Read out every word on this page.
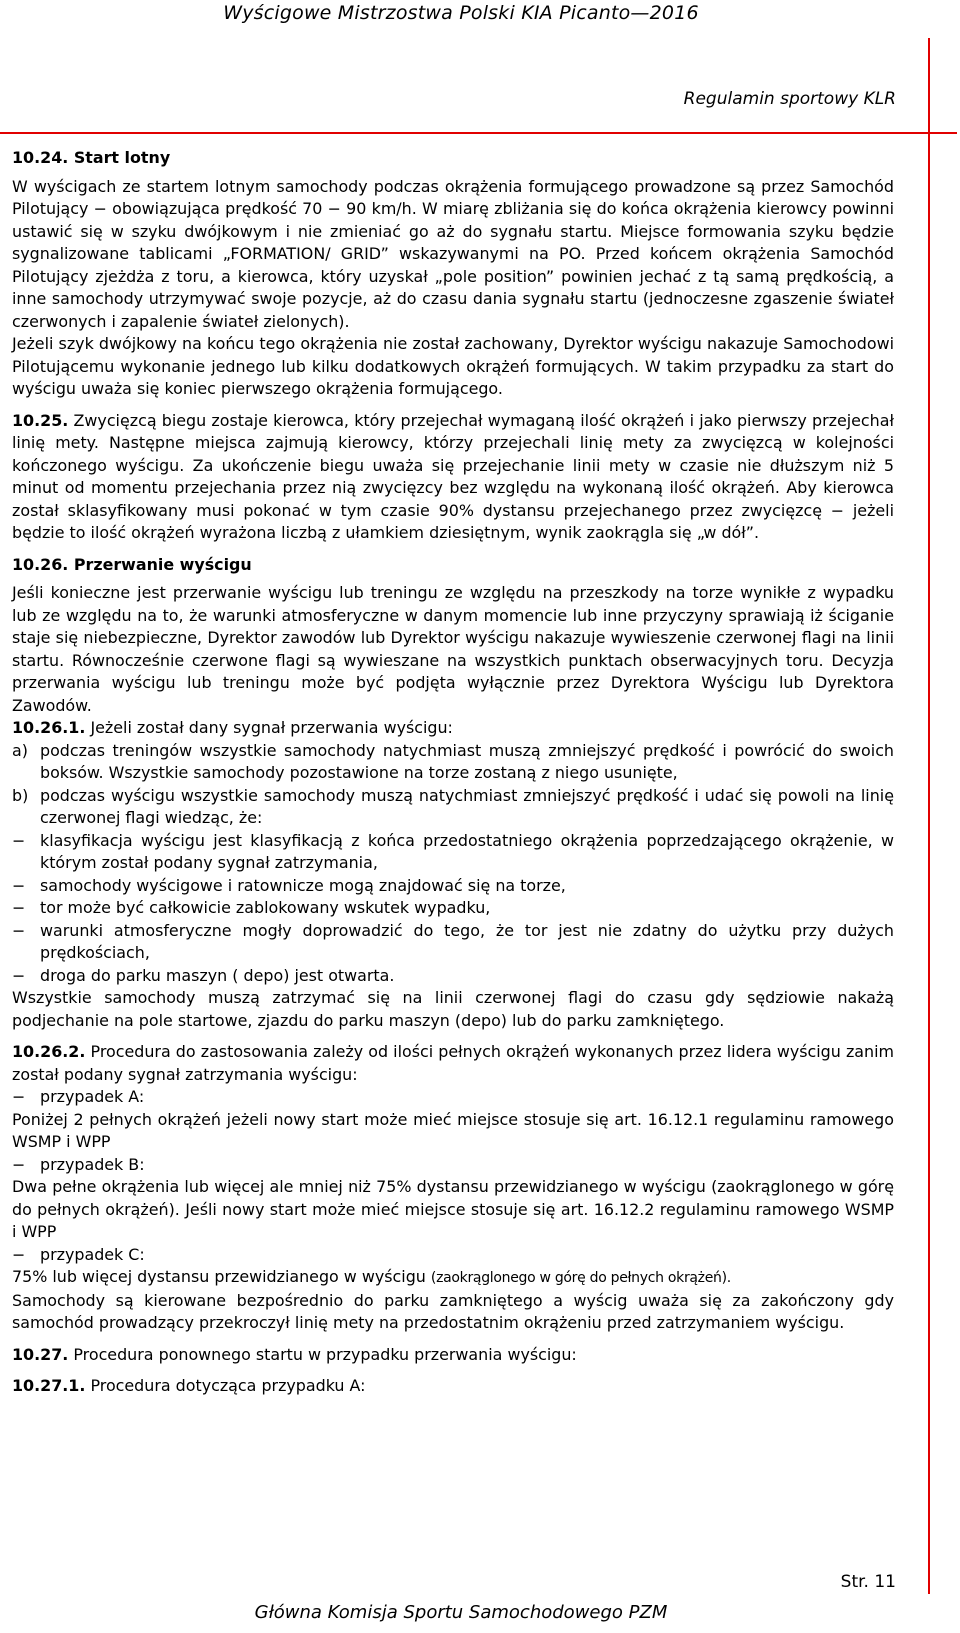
Wyścigowe Mistrzostwa Polski KIA Picanto—2016
Regulamin sportowy KLR

10.24. Start lotny

W wyścigach ze startem lotnym samochody podczas okrążenia formującego prowadzone są przez Samochód Pilotujący − obowiązująca prędkość 70 − 90 km/h. W miarę zbliżania się do końca okrążenia kierowcy powinni ustawić się w szyku dwójkowym i nie zmieniać go aż do sygnału startu. Miejsce formowania szyku będzie sygnalizowane tablicami „FORMATION/ GRID” wskazywanymi na PO. Przed końcem okrążenia Samochód Pilotujący zjeżdża z toru, a kierowca, który uzyskał „pole position” powinien jechać z tą samą prędkością, a inne samochody utrzymywać swoje pozycje, aż do czasu dania sygnału startu (jednoczesne zgaszenie świateł czerwonych i zapalenie świateł zielonych).

Jeżeli szyk dwójkowy na końcu tego okrążenia nie został zachowany, Dyrektor wyścigu nakazuje Samochodowi Pilotującemu wykonanie jednego lub kilku dodatkowych okrążeń formujących. W takim przypadku za start do wyścigu uważa się koniec pierwszego okrążenia formującego.

10.25. Zwycięzcą biegu zostaje kierowca, który przejechał wymaganą ilość okrążeń i jako pierwszy przejechał linię mety. Następne miejsca zajmują kierowcy, którzy przejechali linię mety za zwycięzcą w kolejności kończonego wyścigu. Za ukończenie biegu uważa się przejechanie linii mety w czasie nie dłuższym niż 5 minut od momentu przejechania przez nią zwycięzcy bez względu na wykonaną ilość okrążeń. Aby kierowca został sklasyfikowany musi pokonać w tym czasie 90% dystansu przejechanego przez zwycięzcę − jeżeli będzie to ilość okrążeń wyrażona liczbą z ułamkiem dziesiętnym, wynik zaokrągla się „w dół”.

10.26. Przerwanie wyścigu

Jeśli konieczne jest przerwanie wyścigu lub treningu ze względu na przeszkody na torze wynikłe z wypadku lub ze względu na to, że warunki atmosferyczne w danym momencie lub inne przyczyny sprawiają iż ściganie staje się niebezpieczne, Dyrektor zawodów lub Dyrektor wyścigu nakazuje wywieszenie czerwonej flagi na linii startu. Równocześnie czerwone flagi są wywieszane na wszystkich punktach obserwacyjnych toru. Decyzja przerwania wyścigu lub treningu może być podjęta wyłącznie przez Dyrektora Wyścigu lub Dyrektora Zawodów.

10.26.1. Jeżeli został dany sygnał przerwania wyścigu:

a) podczas treningów wszystkie samochody natychmiast muszą zmniejszyć prędkość i powrócić do swoich boksów. Wszystkie samochody pozostawione na torze zostaną z niego usunięte,
b) podczas wyścigu wszystkie samochody muszą natychmiast zmniejszyć prędkość i udać się powoli na linię czerwonej flagi wiedząc, że:
− klasyfikacja wyścigu jest klasyfikacją z końca przedostatniego okrążenia poprzedzającego okrążenie, w którym został podany sygnał zatrzymania,
− samochody wyścigowe i ratownicze mogą znajdować się na torze,
− tor może być całkowicie zablokowany wskutek wypadku,
− warunki atmosferyczne mogły doprowadzić do tego, że tor jest nie zdatny do użytku przy dużych prędkościach,
− droga do parku maszyn ( depo) jest otwarta.

Wszystkie samochody muszą zatrzymać się na linii czerwonej flagi do czasu gdy sędziowie nakażą podjechanie na pole startowe, zjazdu do parku maszyn (depo) lub do parku zamkniętego.

10.26.2. Procedura do zastosowania zależy od ilości pełnych okrążeń wykonanych przez lidera wyścigu zanim został podany sygnał zatrzymania wyścigu:

− przypadek A:

Poniżej 2 pełnych okrążeń jeżeli nowy start może mieć miejsce stosuje się art. 16.12.1 regulaminu ramowego WSMP i WPP

− przypadek B:

Dwa pełne okrążenia lub więcej ale mniej niż 75% dystansu przewidzianego w wyścigu (zaokrąglonego w górę do pełnych okrążeń). Jeśli nowy start może mieć miejsce stosuje się art. 16.12.2 regulaminu ramowego WSMP i WPP

− przypadek C:

75% lub więcej dystansu przewidzianego w wyścigu (zaokrąglonego w górę do pełnych okrążeń).

Samochody są kierowane bezpośrednio do parku zamkniętego a wyścig uważa się za zakończony gdy samochód prowadzący przekroczył linię mety na przedostatnim okrążeniu przed zatrzymaniem wyścigu.

10.27. Procedura ponownego startu w przypadku przerwania wyścigu:

10.27.1. Procedura dotycząca przypadku A:

Str. 11
Główna Komisja Sportu Samochodowego PZM
